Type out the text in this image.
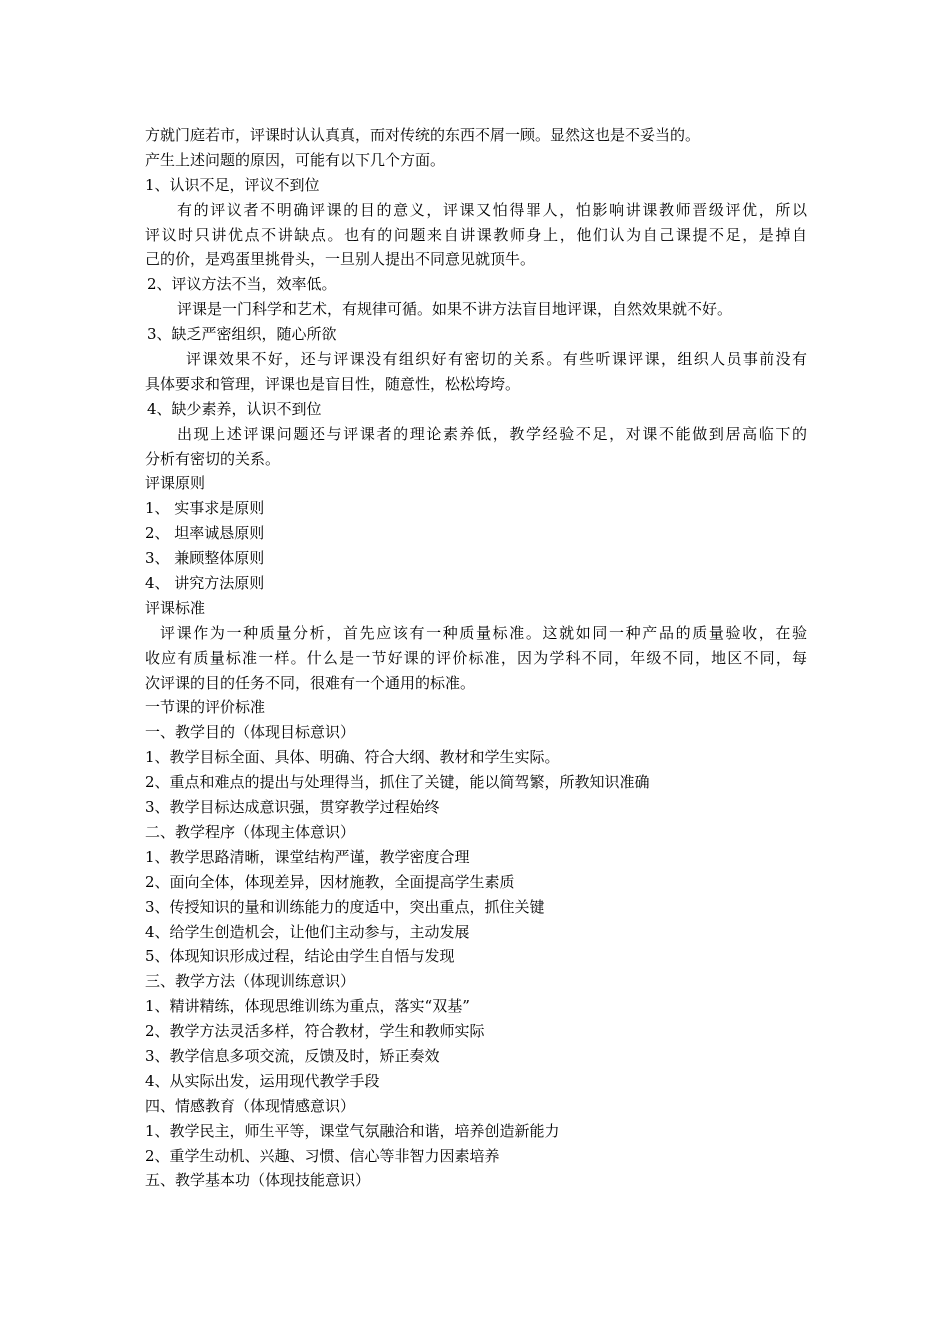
方就门庭若市，评课时认认真真，而对传统的东西不屑一顾。显然这也是不妥当的。
产生上述问题的原因，可能有以下几个方面。
1、认识不足，评议不到位
有的评议者不明确评课的目的意义，评课又怕得罪人，怕影响讲课教师晋级评优，所以
评议时只讲优点不讲缺点。也有的问题来自讲课教师身上，他们认为自己课提不足，是掉自
己的价，是鸡蛋里挑骨头，一旦别人提出不同意见就顶牛。
2、评议方法不当，效率低。
评课是一门科学和艺术，有规律可循。如果不讲方法盲目地评课，自然效果就不好。
3、缺乏严密组织，随心所欲
评课效果不好，还与评课没有组织好有密切的关系。有些听课评课，组织人员事前没有
具体要求和管理，评课也是盲目性，随意性，松松垮垮。
4、缺少素养，认识不到位
出现上述评课问题还与评课者的理论素养低，教学经验不足，对课不能做到居高临下的
分析有密切的关系。
评课原则
1、 实事求是原则
2、 坦率诚恳原则
3、 兼顾整体原则
4、 讲究方法原则
评课标准
评课作为一种质量分析，首先应该有一种质量标准。这就如同一种产品的质量验收，在验
收应有质量标准一样。什么是一节好课的评价标准，因为学科不同，年级不同，地区不同，每
次评课的目的任务不同，很难有一个通用的标准。
一节课的评价标准
一、教学目的（体现目标意识）
1、教学目标全面、具体、明确、符合大纲、教材和学生实际。
2、重点和难点的提出与处理得当，抓住了关键，能以简驾繁，所教知识准确
3、教学目标达成意识强，贯穿教学过程始终
二、教学程序（体现主体意识）
1、教学思路清晰，课堂结构严谨，教学密度合理
2、面向全体，体现差异，因材施教，全面提高学生素质
3、传授知识的量和训练能力的度适中，突出重点，抓住关键
4、给学生创造机会，让他们主动参与，主动发展
5、体现知识形成过程，结论由学生自悟与发现
三、教学方法（体现训练意识）
1、精讲精练，体现思维训练为重点，落实“双基”
2、教学方法灵活多样，符合教材，学生和教师实际
3、教学信息多项交流，反馈及时，矫正奏效
4、从实际出发，运用现代教学手段
四、情感教育（体现情感意识）
1、教学民主，师生平等，课堂气氛融洽和谐，培养创造新能力
2、重学生动机、兴趣、习惯、信心等非智力因素培养
五、教学基本功（体现技能意识）
